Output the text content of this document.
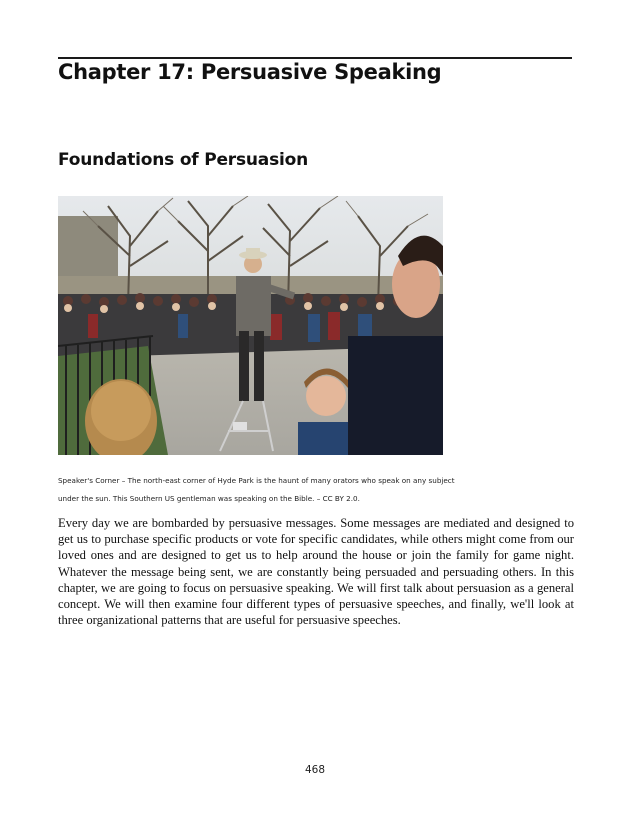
Chapter 17: Persuasive Speaking
Foundations of Persuasion

Speaker's Corner – The north-east corner of Hyde Park is the haunt of many orators who speak on any subject under the sun. This Southern US gentleman was speaking on the Bible. – CC BY 2.0.

Every day we are bombarded by persuasive messages. Some messages are mediated and designed to get us to purchase specific products or vote for specific candidates, while others might come from our loved ones and are designed to get us to help around the house or join the family for game night. Whatever the message being sent, we are constantly being persuaded and persuading others. In this chapter, we are going to focus on persuasive speaking. We will first talk about persuasion as a general concept. We will then examine four different types of persuasive speeches, and finally, we'll look at three organizational patterns that are useful for persuasive speeches.

468
